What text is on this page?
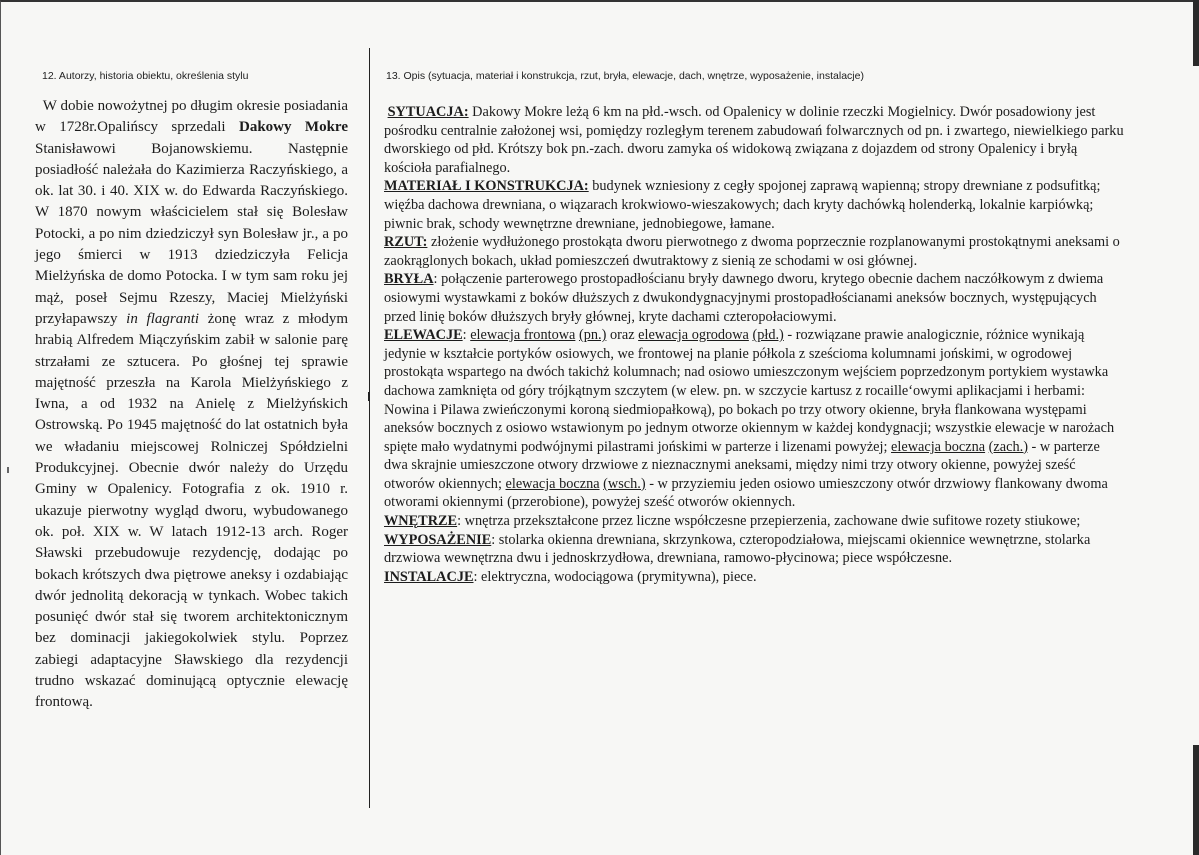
12. Autorzy, historia obiektu, określenia stylu	13. Opis (sytuacja, materiał i konstrukcja, rzut, bryła, elewacje, dach, wnętrze, wyposażenie, instalacje)

W dobie nowożytnej po długim okresie posiadania w 1728r.Opalińscy sprzedali Dakowy Mokre Stanisławowi Bojanowskiemu. Następnie posiadłość należała do Kazimierza Raczyńskiego, a ok. lat 30. i 40. XIX w. do Edwarda Raczyńskiego. W 1870 nowym właścicielem stał się Bolesław Potocki, a po nim dziedziczył syn Bolesław jr., a po jego śmierci w 1913 dziedziczyła Felicja Mielżyńska de domo Potocka. I w tym sam roku jej mąż, poseł Sejmu Rzeszy, Maciej Mielżyński przyłapawszy in flagranti żonę wraz z młodym hrabią Alfredem Miączyńskim zabił w salonie parę strzałami ze sztucera. Po głośnej tej sprawie majętność przeszła na Karola Mielżyńskiego z Iwna, a od 1932 na Anielę z Mielżyńskich Ostrowską. Po 1945 majętność do lat ostatnich była we władaniu miejscowej Rolniczej Spółdzielni Produkcyjnej. Obecnie dwór należy do Urzędu Gminy w Opalenicy. Fotografia z ok. 1910 r. ukazuje pierwotny wygląd dworu, wybudowanego ok. poł. XIX w. W latach 1912-13 arch. Roger Sławski przebudowuje rezydencję, dodając po bokach krótszych dwa piętrowe aneksy i ozdabiając dwór jednolitą dekoracją w tynkach. Wobec takich posunięć dwór stał się tworem architektonicznym bez dominacji jakiegokolwiek stylu. Poprzez zabiegi adaptacyjne Sławskiego dla rezydencji trudno wskazać dominującą optycznie elewację frontową.

SYTUACJA: Dakowy Mokre leżą 6 km na płd.-wsch. od Opalenicy w dolinie rzeczki Mogielnicy. Dwór posadowiony jest pośrodku centralnie założonej wsi, pomiędzy rozległym terenem zabudowań folwarcznych od pn. i zwartego, niewielkiego parku dworskiego od płd. Krótszy bok pn.-zach. dworu zamyka oś widokową związana z dojazdem od strony Opalenicy i bryłą kościoła parafialnego.

MATERIAŁ I KONSTRUKCJA: budynek wzniesiony z cegły spojonej zaprawą wapienną; stropy drewniane z podsufitką; więźba dachowa drewniana, o wiązarach krokwiowo-wieszakowych; dach kryty dachówką holenderką, lokalnie karpiówką; piwnic brak, schody wewnętrzne drewniane, jednobiegowe, łamane.

RZUT: złożenie wydłużonego prostokąta dworu pierwotnego z dwoma poprzecznie rozplanowanymi prostokątnymi aneksami o zaokrąglonych bokach, układ pomieszczeń dwutraktowy z sienią ze schodami w osi głównej.

BRYŁA: połączenie parterowego prostopadłościanu bryły dawnego dworu, krytego obecnie dachem naczółkowym z dwiema osiowymi wystawkami z boków dłuższych z dwukondygnacyjnymi prostopadłościanami aneksów bocznych, występujących przed linię boków dłuższych bryły głównej, kryte dachami czteropołaciowymi.

ELEWACJE: elewacja frontowa (pn.) oraz elewacja ogrodowa (płd.) - rozwiązane prawie analogicznie, różnice wynikają jedynie w kształcie portyków osiowych, we frontowej na planie półkola z sześcioma kolumnami jońskimi, w ogrodowej prostokąta wspartego na dwóch takichż kolumnach; nad osiowo umieszczonym wejściem poprzedzonym portykiem wystawka dachowa zamknięta od góry trójkątnym szczytem (w elew. pn. w szczycie kartusz z rocaille‘owymi aplikacjami i herbami: Nowina i Pilawa zwieńczonymi koroną siedmiopałkową), po bokach po trzy otwory okienne, bryła flankowana występami aneksów bocznych z osiowo wstawionym po jednym otworze okiennym w każdej kondygnacji; wszystkie elewacje w narożach spięte mało wydatnymi podwójnymi pilastrami jońskimi w parterze i lizenami powyżej; elewacja boczna (zach.) - w parterze dwa skrajnie umieszczone otwory drzwiowe z nieznacznymi aneksami, między nimi trzy otwory okienne, powyżej sześć otworów okiennych; elewacja boczna (wsch.) - w przyziemiu jeden osiowo umieszczony otwór drzwiowy flankowany dwoma otworami okiennymi (przerobione), powyżej sześć otworów okiennych.

WNĘTRZE: wnętrza przekształcone przez liczne współczesne przepierzenia, zachowane dwie sufitowe rozety stiukowe;

WYPOSAŻENIE: stolarka okienna drewniana, skrzynkowa, czteropodziałowa, miejscami okiennice wewnętrzne, stolarka drzwiowa wewnętrzna dwu i jednoskrzydłowa, drewniana, ramowo-płycinowa; piece współczesne.

INSTALACJE: elektryczna, wodociągowa (prymitywna), piece.
